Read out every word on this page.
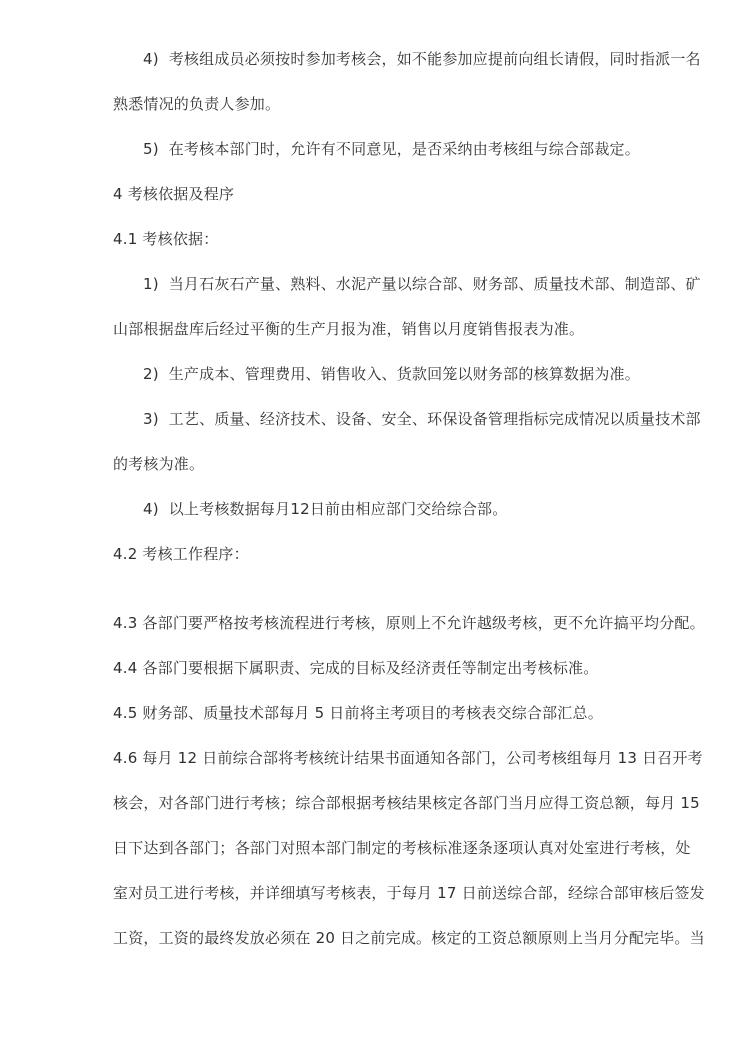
4)  考核组成员必须按时参加考核会，如不能参加应提前向组长请假，同时指派一名
熟悉情况的负责人参加。
5)  在考核本部门时，允许有不同意见，是否采纳由考核组与综合部裁定。
4 考核依据及程序
4.1 考核依据：
1)  当月石灰石产量、熟料、水泥产量以综合部、财务部、质量技术部、制造部、矿
山部根据盘库后经过平衡的生产月报为准，销售以月度销售报表为准。
2)  生产成本、管理费用、销售收入、货款回笼以财务部的核算数据为准。
3)  工艺、质量、经济技术、设备、安全、环保设备管理指标完成情况以质量技术部
的考核为准。
4)  以上考核数据每月12日前由相应部门交给综合部。
4.2 考核工作程序：
4.3 各部门要严格按考核流程进行考核，原则上不允许越级考核，更不允许搞平均分配。
4.4 各部门要根据下属职责、完成的目标及经济责任等制定出考核标准。
4.5 财务部、质量技术部每月 5 日前将主考项目的考核表交综合部汇总。
4.6 每月 12 日前综合部将考核统计结果书面通知各部门，公司考核组每月 13 日召开考
核会，对各部门进行考核；综合部根据考核结果核定各部门当月应得工资总额，每月 15
日下达到各部门；各部门对照本部门制定的考核标准逐条逐项认真对处室进行考核，处
室对员工进行考核，并详细填写考核表，于每月 17 日前送综合部，经综合部审核后签发
工资，工资的最终发放必须在 20 日之前完成。核定的工资总额原则上当月分配完毕。当
